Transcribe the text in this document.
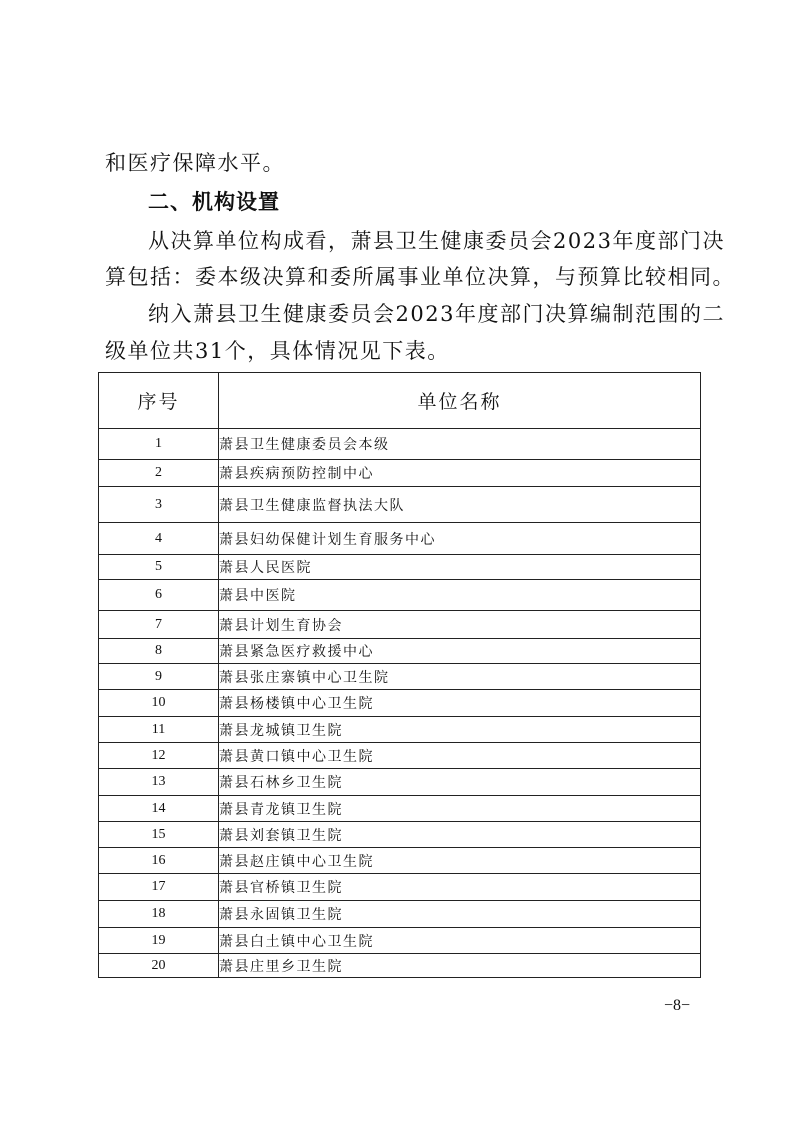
和医疗保障水平。
二、机构设置
从决算单位构成看，萧县卫生健康委员会2023年度部门决
算包括：委本级决算和委所属事业单位决算，与预算比较相同。
纳入萧县卫生健康委员会2023年度部门决算编制范围的二
级单位共31个，具体情况见下表。
序号	单位名称
1	萧县卫生健康委员会本级
2	萧县疾病预防控制中心
3	萧县卫生健康监督执法大队
4	萧县妇幼保健计划生育服务中心
5	萧县人民医院
6	萧县中医院
7	萧县计划生育协会
8	萧县紧急医疗救援中心
9	萧县张庄寨镇中心卫生院
10	萧县杨楼镇中心卫生院
11	萧县龙城镇卫生院
12	萧县黄口镇中心卫生院
13	萧县石林乡卫生院
14	萧县青龙镇卫生院
15	萧县刘套镇卫生院
16	萧县赵庄镇中心卫生院
17	萧县官桥镇卫生院
18	萧县永固镇卫生院
19	萧县白土镇中心卫生院
20	萧县庄里乡卫生院
−8−
